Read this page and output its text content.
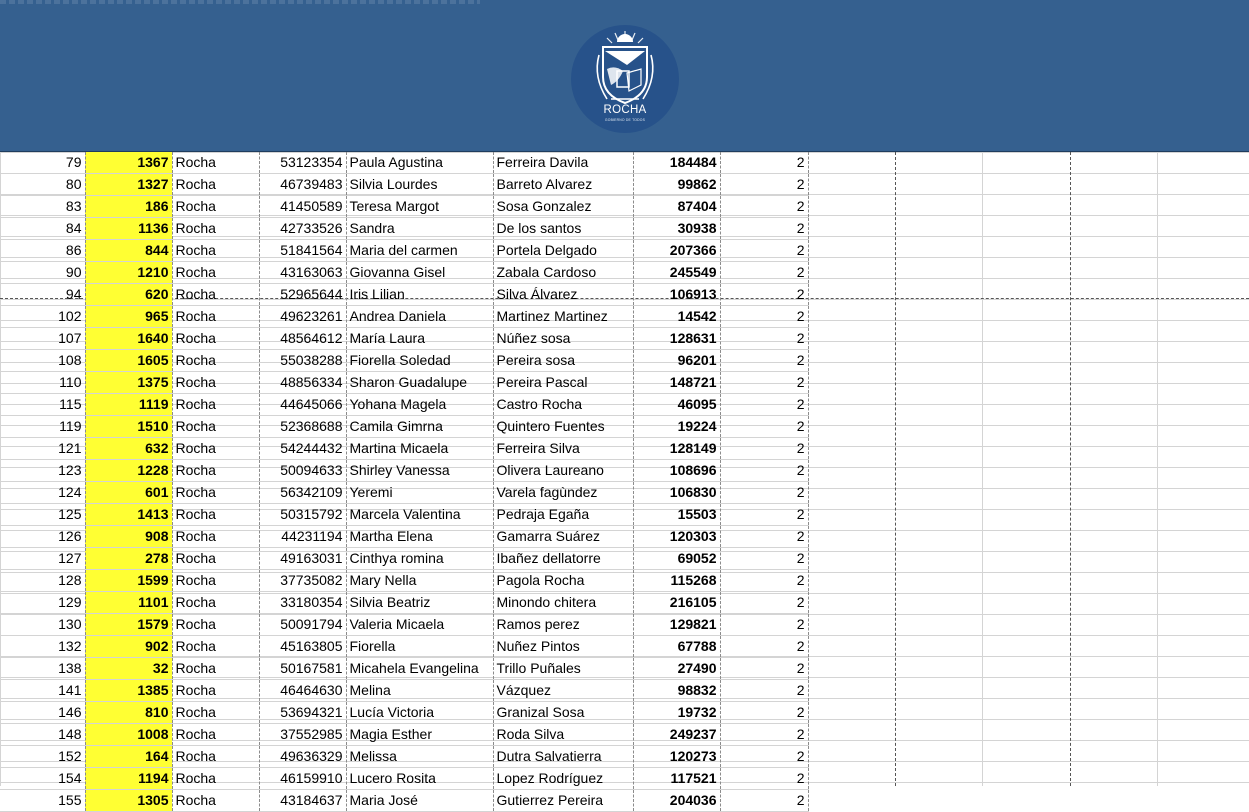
ROCHA
GOBIERNO DE TODOS
79	1367	Rocha	53123354	Paula Agustina	Ferreira Davila	184484	2
80	1327	Rocha	46739483	Silvia Lourdes	Barreto Alvarez	99862	2
83	186	Rocha	41450589	Teresa Margot	Sosa Gonzalez	87404	2
84	1136	Rocha	42733526	Sandra	De los santos	30938	2
86	844	Rocha	51841564	Maria del carmen	Portela Delgado	207366	2
90	1210	Rocha	43163063	Giovanna Gisel	Zabala Cardoso	245549	2
94	620	Rocha	52965644	Iris Lilian	Silva Álvarez	106913	2
102	965	Rocha	49623261	Andrea Daniela	Martinez Martinez	14542	2
107	1640	Rocha	48564612	María Laura	Núñez sosa	128631	2
108	1605	Rocha	55038288	Fiorella Soledad	Pereira sosa	96201	2
110	1375	Rocha	48856334	Sharon Guadalupe	Pereira Pascal	148721	2
115	1119	Rocha	44645066	Yohana Magela	Castro Rocha	46095	2
119	1510	Rocha	52368688	Camila Gimrna	Quintero Fuentes	19224	2
121	632	Rocha	54244432	Martina Micaela	Ferreira Silva	128149	2
123	1228	Rocha	50094633	Shirley Vanessa	Olivera Laureano	108696	2
124	601	Rocha	56342109	Yeremi	Varela fagùndez	106830	2
125	1413	Rocha	50315792	Marcela Valentina	Pedraja Egaña	15503	2
126	908	Rocha	44231194	Martha Elena	Gamarra Suárez	120303	2
127	278	Rocha	49163031	Cinthya romina	Ibañez dellatorre	69052	2
128	1599	Rocha	37735082	Mary Nella	Pagola Rocha	115268	2
129	1101	Rocha	33180354	Silvia Beatriz	Minondo chitera	216105	2
130	1579	Rocha	50091794	Valeria Micaela	Ramos perez	129821	2
132	902	Rocha	45163805	Fiorella	Nuñez Pintos	67788	2
138	32	Rocha	50167581	Micahela Evangelina	Trillo Puñales	27490	2
141	1385	Rocha	46464630	Melina	Vázquez	98832	2
146	810	Rocha	53694321	Lucía Victoria	Granizal Sosa	19732	2
148	1008	Rocha	37552985	Magia Esther	Roda Silva	249237	2
152	164	Rocha	49636329	Melissa	Dutra Salvatierra	120273	2
154	1194	Rocha	46159910	Lucero Rosita	Lopez Rodríguez	117521	2
155	1305	Rocha	43184637	Maria José	Gutierrez Pereira	204036	2
